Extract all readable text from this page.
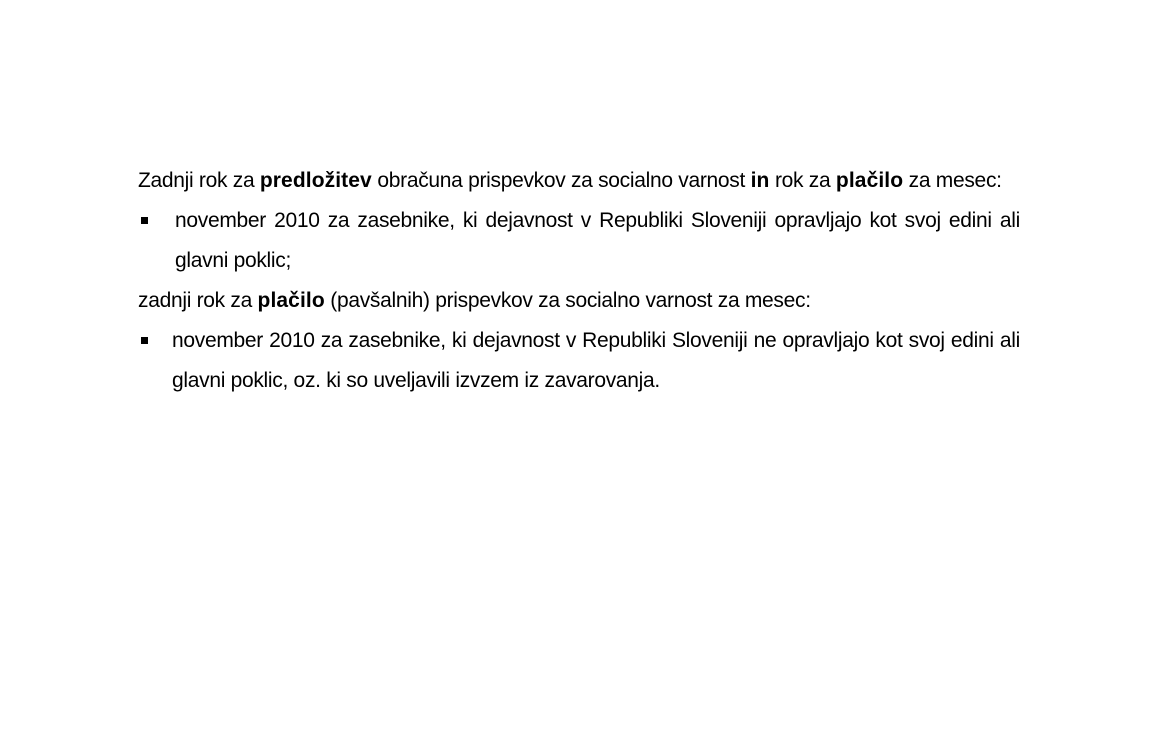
Zadnji rok za predložitev obračuna prispevkov za socialno varnost in rok za plačilo za mesec:

november 2010 za zasebnike, ki dejavnost v Republiki Sloveniji opravljajo kot svoj edini ali glavni poklic;

zadnji rok za plačilo (pavšalnih) prispevkov za socialno varnost za mesec:

november 2010 za zasebnike, ki dejavnost v Republiki Sloveniji ne opravljajo kot svoj edini ali glavni poklic, oz. ki so uveljavili izvzem iz zavarovanja.
